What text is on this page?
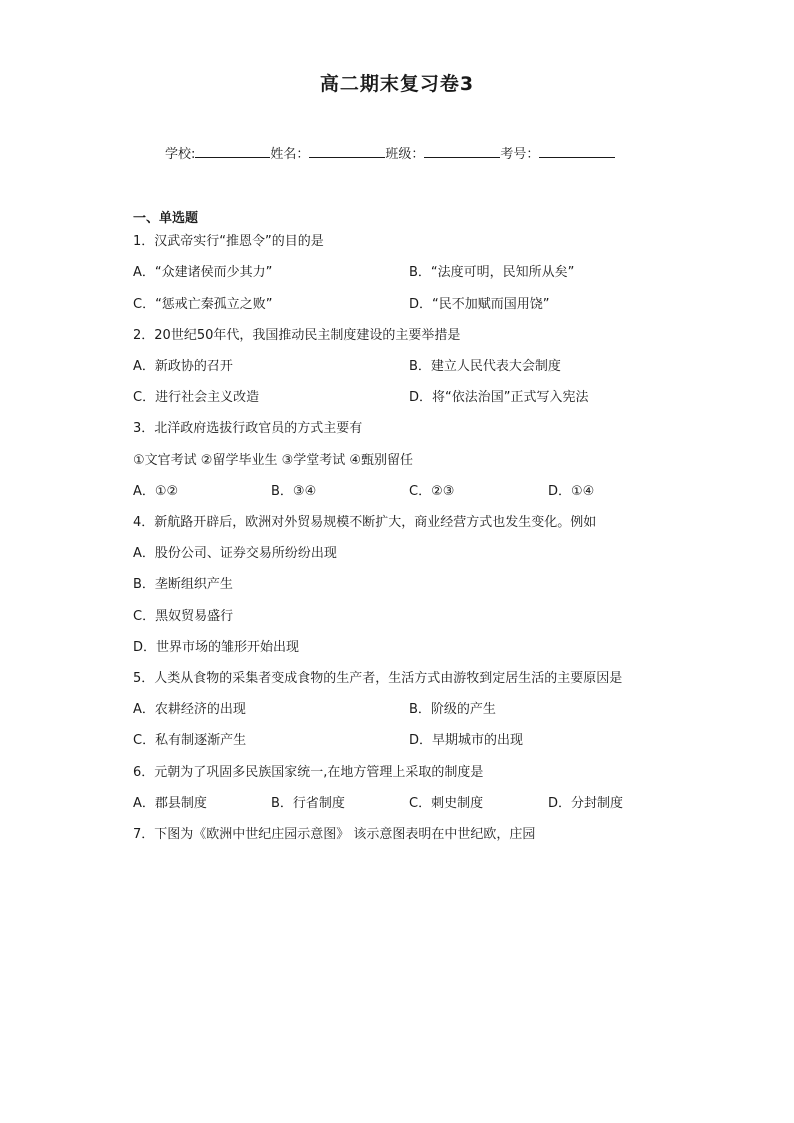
高二期末复习卷3
学校:	姓名：	班级：	考号：
一、单选题
1．汉武帝实行“推恩令”的目的是
A．“众建诸侯而少其力”	B．“法度可明，民知所从矣”
C．“惩戒亡秦孤立之败”	D．“民不加赋而国用饶”
2．20世纪50年代，我国推动民主制度建设的主要举措是
A．新政协的召开	B．建立人民代表大会制度
C．进行社会主义改造	D．将“依法治国”正式写入宪法
3．北洋政府选拔行政官员的方式主要有
①文官考试 ②留学毕业生 ③学堂考试 ④甄别留任
A．①②	B．③④	C．②③	D．①④
4．新航路开辟后，欧洲对外贸易规模不断扩大，商业经营方式也发生变化。例如
A．股份公司、证券交易所纷纷出现
B．垄断组织产生
C．黑奴贸易盛行
D．世界市场的雏形开始出现
5．人类从食物的采集者变成食物的生产者，生活方式由游牧到定居生活的主要原因是
A．农耕经济的出现	B．阶级的产生
C．私有制逐渐产生	D．早期城市的出现
6．元朝为了巩固多民族国家统一,在地方管理上采取的制度是
A．郡县制度	B．行省制度	C．刺史制度	D．分封制度
7．下图为《欧洲中世纪庄园示意图》 该示意图表明在中世纪欧，庄园
